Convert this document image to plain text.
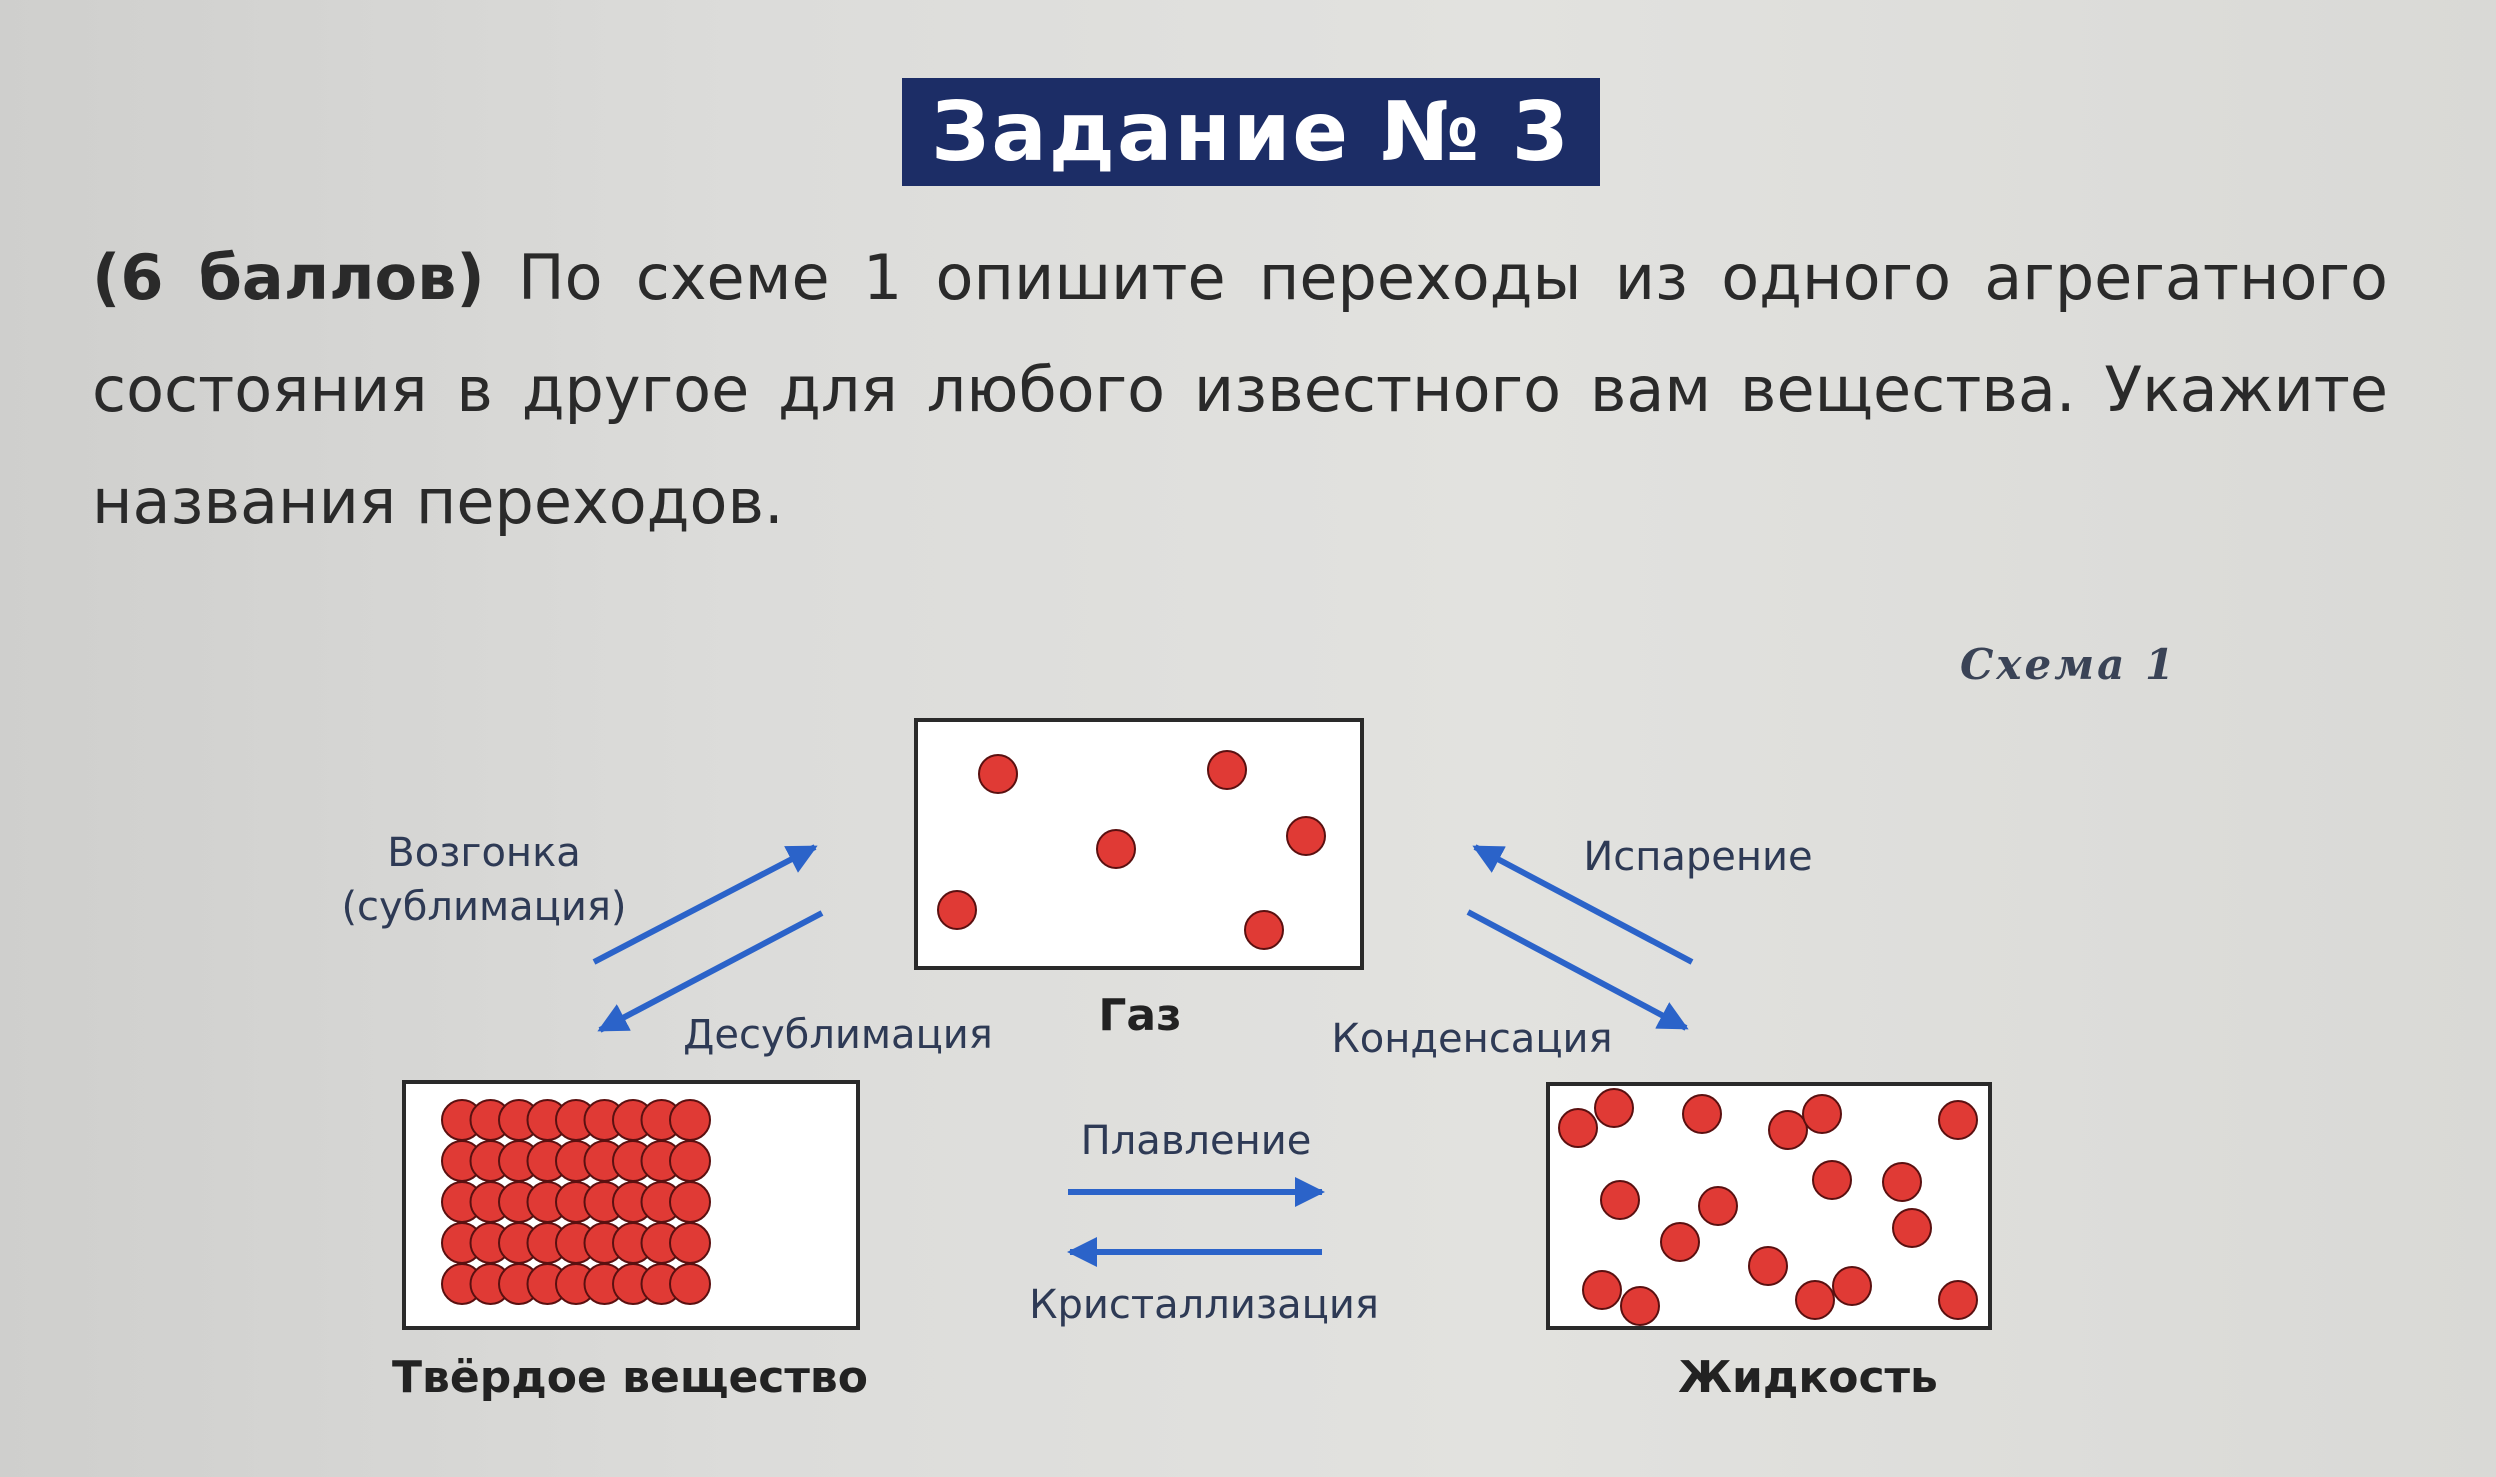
Задание № 3
(6 баллов) По схеме 1 опишите переходы из одного агрегатного состояния в другое для любого известного вам вещества. Укажите названия переходов.
Схема 1
Газ
Твёрдое вещество	Жидкость
Возгонка
(сублимация)
Десублимация
Испарение
Конденсация
Плавление
Кристаллизация
